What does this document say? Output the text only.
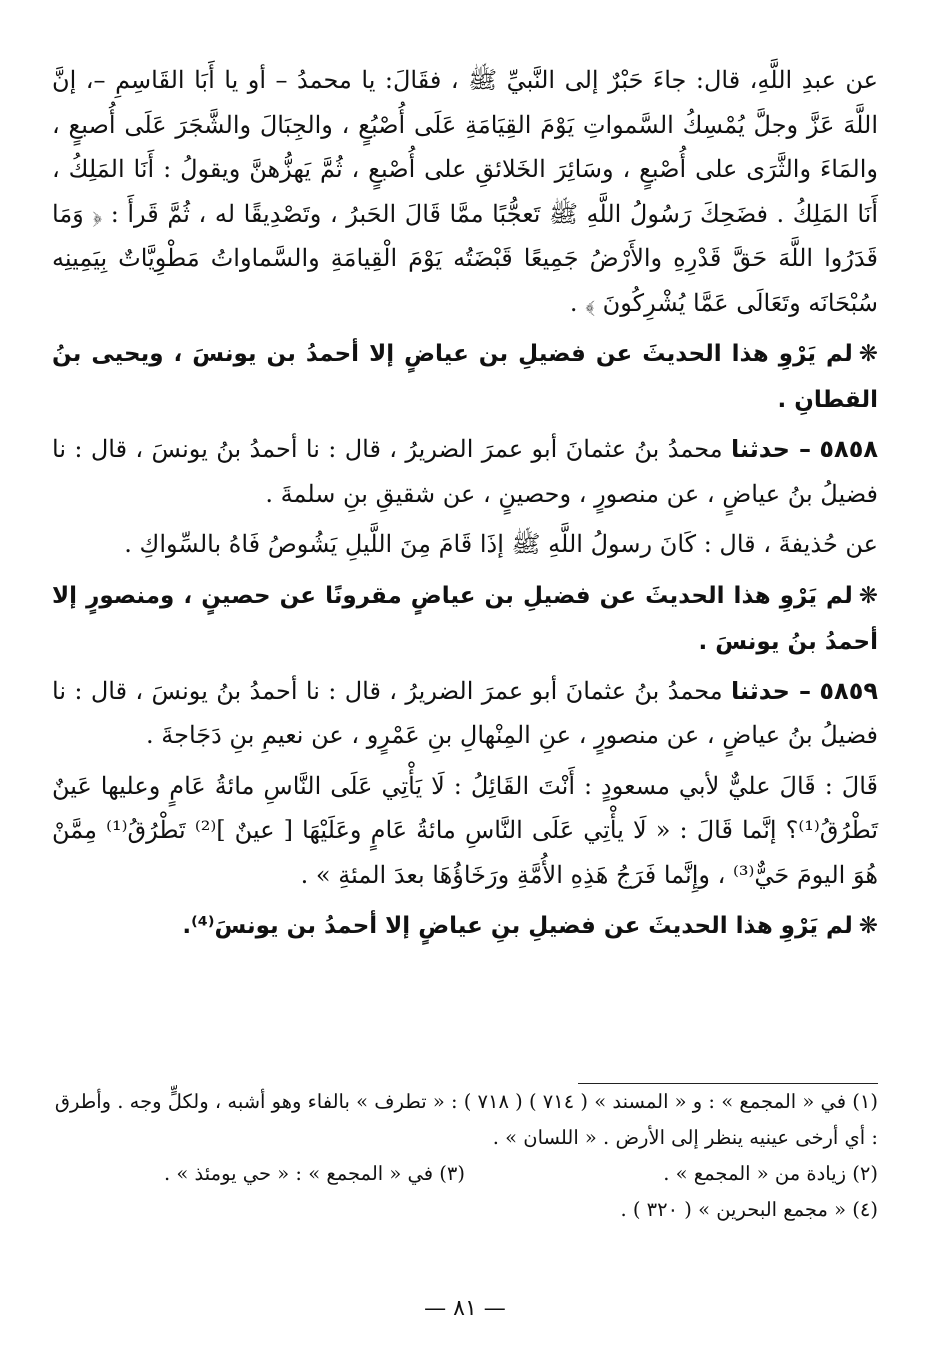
عن عبدِ اللَّهِ، قال: جاءَ حَبْرٌ إلى النَّبيِّ ﷺ ، فقَالَ: يا محمدُ – أو يا أَبَا القَاسِمِ –، إنَّ اللَّهَ عَزَّ وجلَّ يُمْسِكُ السَّمواتِ يَوْمَ القِيَامَةِ عَلَى أُصْبُعٍ ، والجِبَالَ والشَّجَرَ عَلَى أُصبعٍ ، والمَاءَ والثَّرَى على أُصْبعٍ ، وسَائِرَ الخَلائقِ على أُصْبعٍ ، ثُمَّ يَهزُّهنَّ ويقولُ : أَنَا المَلِكُ ، أَنَا المَلِكُ . فضَحِكَ رَسُولُ اللَّهِ ﷺ تَعجُّبًا ممَّا قَالَ الحَبرُ ، وتَصْدِيقًا له ، ثُمَّ قَرأَ : ﴿ وَمَا قَدَرُوا اللَّهَ حَقَّ قَدْرِهِ والأَرْضُ جَمِيعًا قَبْضَتُه يَوْمَ الْقِيامَةِ والسَّماواتُ مَطْوِيَّاتٌ بِيَمِينِه سُبْحَانَه وتَعَالَى عَمَّا يُشْرِكُونَ ﴾ .

❋لم يَرْوِ هذا الحديثَ عن فضيلِ بن عياضٍ إلا أحمدُ بن يونسَ ، ويحيى بنُ القطانِ .

٥٨٥٨ – حدثنا محمدُ بنُ عثمانَ أبو عمرَ الضريرُ ، قال : نا أحمدُ بنُ يونسَ ، قال : نا فضيلُ بنُ عياضٍ ، عن منصورٍ ، وحصينٍ ، عن شقيقِ بنِ سلمةَ .

عن حُذيفةَ ، قال : كَانَ رسولُ اللَّهِ ﷺ إذَا قَامَ مِنَ اللَّيلِ يَشُوصُ فَاهُ بالسِّواكِ .

❋لم يَرْوِ هذا الحديثَ عن فضيلِ بن عياضٍ مقرونًا عن حصينٍ ، ومنصورٍ إلا أحمدُ بنُ يونسَ .

٥٨٥٩ – حدثنا محمدُ بنُ عثمانَ أبو عمرَ الضريرُ ، قال : نا أحمدُ بنُ يونسَ ، قال : نا فضيلُ بنُ عياضٍ ، عن منصورٍ ، عنِ المِنْهالِ بنِ عَمْرٍو ، عن نعيمِ بنِ دَجَاجةَ .

قَالَ : قَالَ عليٌّ لأبي مسعودٍ : أَنْتَ القَائِلُ : لَا يَأْتِي عَلَى النَّاسِ مائةُ عَامٍ وعليها عَينٌ تَطْرُقُ⁽¹⁾؟ إنَّما قَالَ : « لَا يأْتِي عَلَى النَّاسِ مائةُ عَامٍ وعَلَيْهَا [ عينٌ ]⁽²⁾ تَطْرُقُ⁽¹⁾ مِمَّنْ هُوَ اليومَ حَيٌّ⁽³⁾ ، وإِنَّما فَرَجُ هَذِهِ الأُمَّةِ ورَخَاؤُهَا بعدَ المئةِ » .

❋لم يَرْوِ هذا الحديثَ عن فضيلِ بنِ عياضٍ إلا أحمدُ بن يونسَ⁽⁴⁾.

(١) في « المجمع » : و « المسند » ( ٧١٤ ) ( ٧١٨ ) : « تطرف » بالفاء وهو أشبه ، ولكلٍّ وجه . وأطرق : أي أرخى عينيه ينظر إلى الأرض . « اللسان » .

(٢) زيادة من « المجمع » .

(٣) في « المجمع » : « حي يومئذ » .

(٤) « مجمع البحرين » ( ٣٢٠ ) .

— ٨١ —
